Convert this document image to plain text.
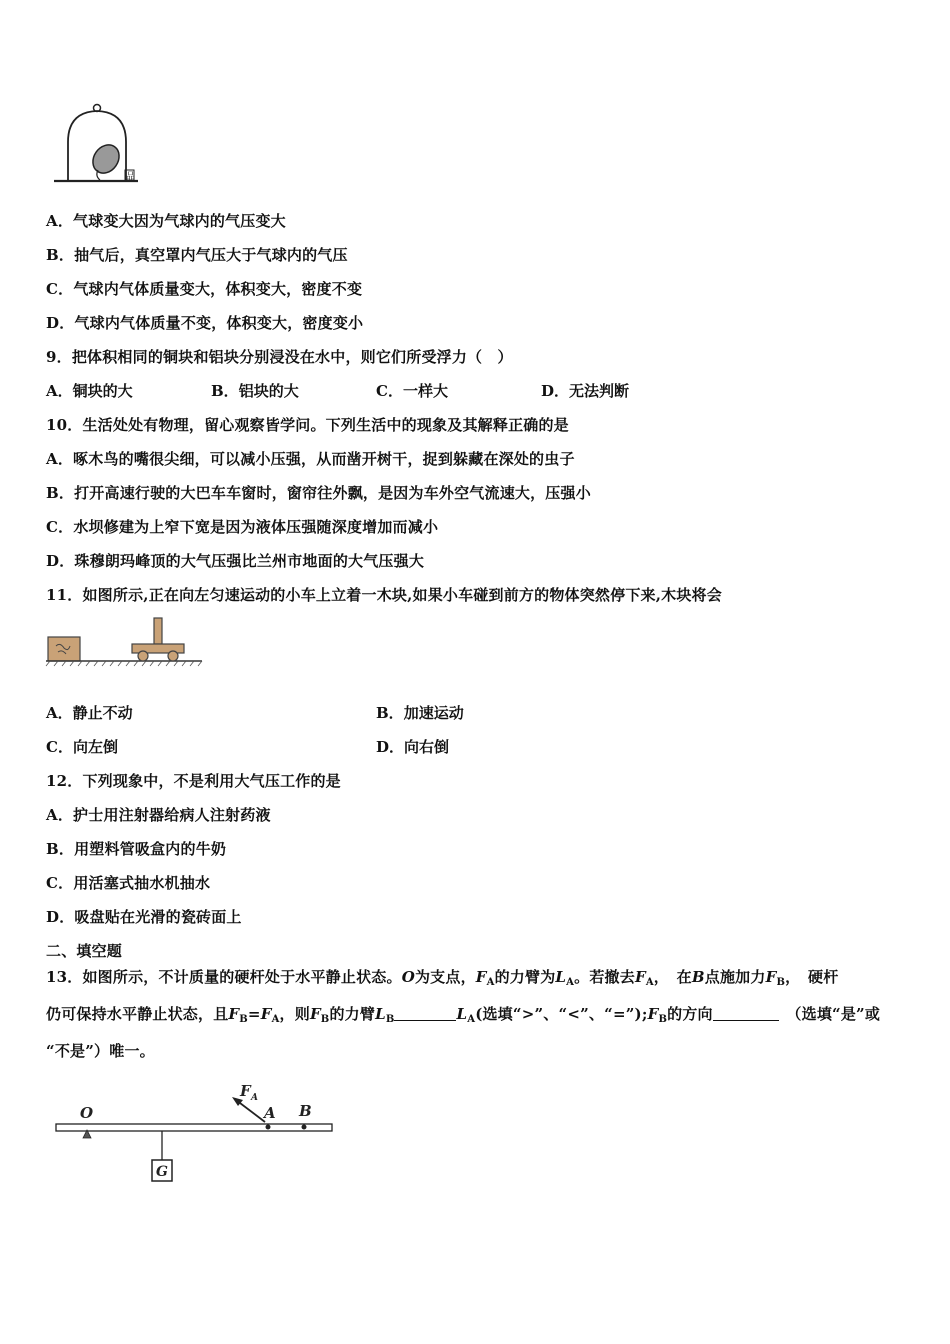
品
A．气球变大因为气球内的气压变大
B．抽气后，真空罩内气压大于气球内的气压
C．气球内气体质量变大，体积变大，密度不变
D．气球内气体质量不变，体积变大，密度变小
9．把体积相同的铜块和铝块分别浸没在水中，则它们所受浮力（　）
A．铜块的大	B．铝块的大	C．一样大	D．无法判断
10．生活处处有物理，留心观察皆学问。下列生活中的现象及其解释正确的是
A．啄木鸟的嘴很尖细，可以减小压强，从而凿开树干，捉到躲藏在深处的虫子
B．打开高速行驶的大巴车车窗时，窗帘往外飘，是因为车外空气流速大，压强小
C．水坝修建为上窄下宽是因为液体压强随深度增加而减小
D．珠穆朗玛峰顶的大气压强比兰州市地面的大气压强大
11．如图所示,正在向左匀速运动的小车上立着一木块,如果小车碰到前方的物体突然停下来,木块将会
A．静止不动	B．加速运动
C．向左倒	D．向右倒
12．下列现象中，不是利用大气压工作的是
A．护士用注射器给病人注射药液
B．用塑料管吸盒内的牛奶
C．用活塞式抽水机抽水
D．吸盘贴在光滑的瓷砖面上
二、填空题
13．如图所示，不计质量的硬杆处于水平静止状态。O为支点，$F_A$的力臂为$L_A$。若撤去$F_A$，　在B点施加力$F_B$，　硬杆
仍可保持水平静止状态，且$F_B=F_A$，则$F_B$的力臂$L_B$	$L_A$(选填“>”、“<”、“$=”);F_B$的方向	　（选填“是”或
“不是”）唯一。
O
G
A B
F A
